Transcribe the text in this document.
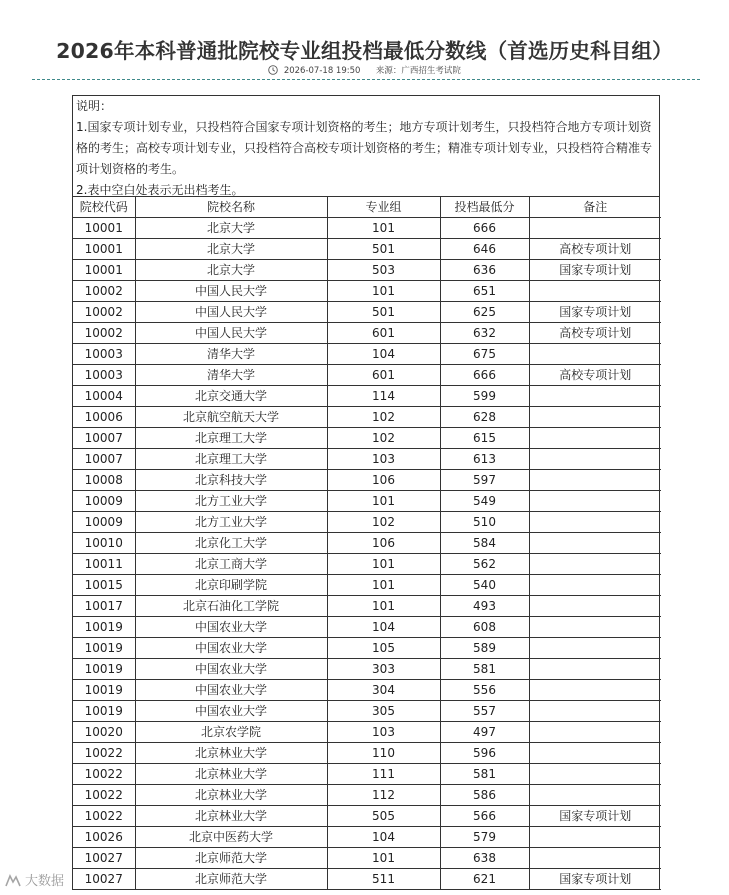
2026年本科普通批院校专业组投档最低分数线（首选历史科目组）
2026-07-18 19:50 来源：广西招生考试院

说明：

1.国家专项计划专业，只投档符合国家专项计划资格的考生；地方专项计划考生，只投档符合地方专项计划资格的考生；高校专项计划专业，只投档符合高校专项计划资格的考生；精准专项计划专业，只投档符合精准专项计划资格的考生。

2.表中空白处表示无出档考生。

院校代码	院校名称	专业组	投档最低分	备注
10001	北京大学	101	666	
10001	北京大学	501	646	高校专项计划
10001	北京大学	503	636	国家专项计划
10002	中国人民大学	101	651	
10002	中国人民大学	501	625	国家专项计划
10002	中国人民大学	601	632	高校专项计划
10003	清华大学	104	675	
10003	清华大学	601	666	高校专项计划
10004	北京交通大学	114	599	
10006	北京航空航天大学	102	628	
10007	北京理工大学	102	615	
10007	北京理工大学	103	613	
10008	北京科技大学	106	597	
10009	北方工业大学	101	549	
10009	北方工业大学	102	510	
10010	北京化工大学	106	584	
10011	北京工商大学	101	562	
10015	北京印刷学院	101	540	
10017	北京石油化工学院	101	493	
10019	中国农业大学	104	608	
10019	中国农业大学	105	589	
10019	中国农业大学	303	581	
10019	中国农业大学	304	556	
10019	中国农业大学	305	557	
10020	北京农学院	103	497	
10022	北京林业大学	110	596	
10022	北京林业大学	111	581	
10022	北京林业大学	112	586	
10022	北京林业大学	505	566	国家专项计划
10026	北京中医药大学	104	579	
10027	北京师范大学	101	638	
10027	北京师范大学	511	621	国家专项计划
大数据
